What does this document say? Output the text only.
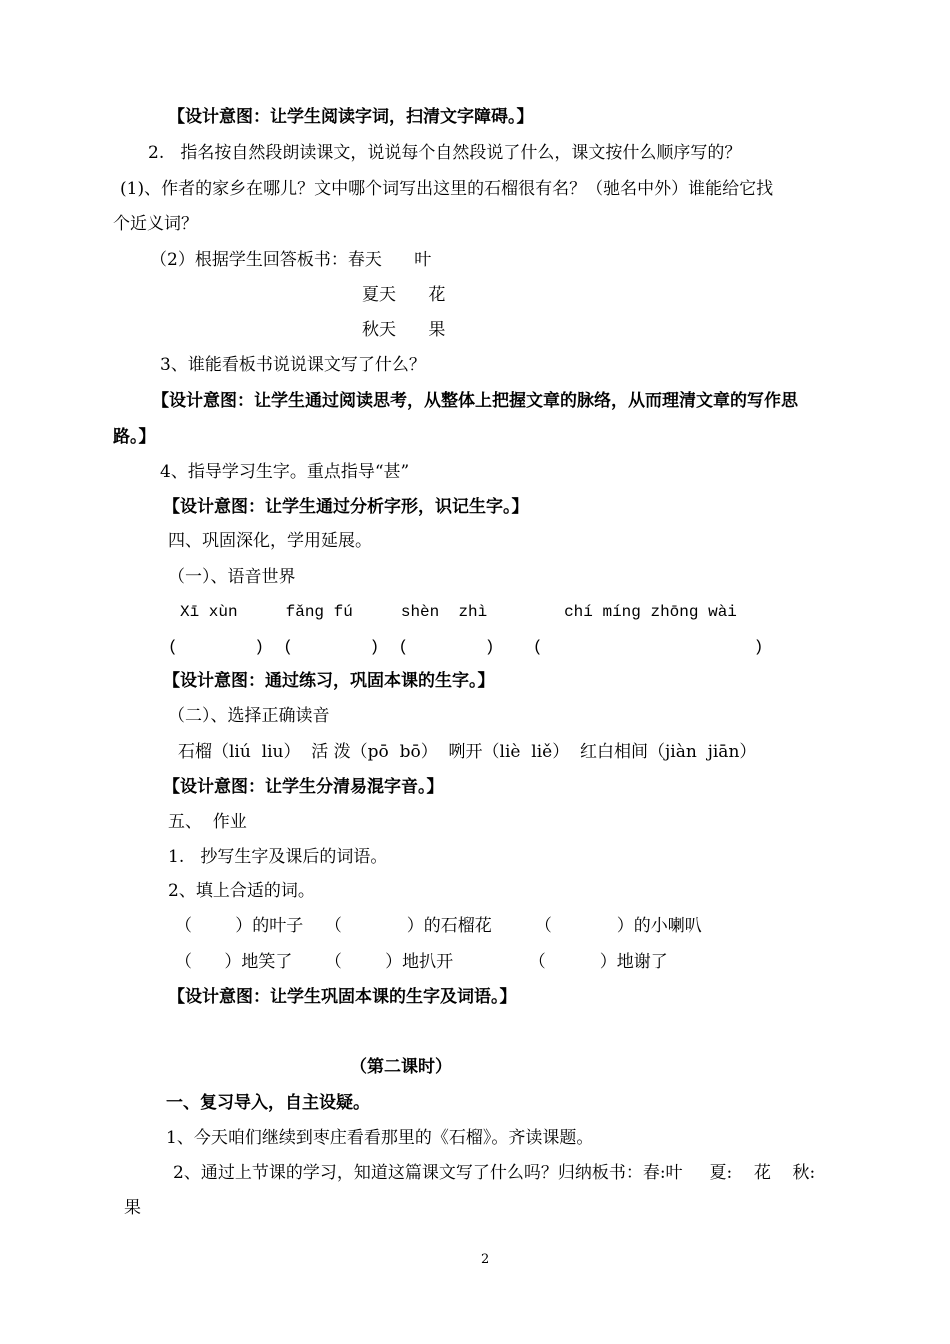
【设计意图：让学生阅读字词，扫清文字障碍。】
2.   指名按自然段朗读课文，说说每个自然段说了什么，课文按什么顺序写的？
(1)、作者的家乡在哪儿？文中哪个词写出这里的石榴很有名？（驰名中外）谁能给它找
个近义词？
（2）根据学生回答板书：春天      叶
夏天      花
秋天      果
3、谁能看板书说说课文写了什么？
【设计意图：让学生通过阅读思考，从整体上把握文章的脉络，从而理清文章的写作思
路。】
4、指导学习生字。重点指导“甚”
【设计意图：让学生通过分析字形，识记生字。】
四、巩固深化，学用延展。
（一）、语音世界
Xī xùn     fǎng fú     shèn  zhì        chí míng zhōng wài
(        )  (        )  (        )    (                      )
【设计意图：通过练习，巩固本课的生字。】
（二）、选择正确读音
石榴（liú  liu）  活 泼（pō  bō）  咧开（liè  liě）  红白相间（jiàn  jiān）
【设计意图：让学生分清易混字音。】
五、  作业
1.   抄写生字及课后的词语。
2、填上合适的词。
（        ）的叶子    （            ）的石榴花        （            ）的小喇叭
（      ）地笑了      （        ）地扒开              （          ）地谢了
【设计意图：让学生巩固本课的生字及词语。】
（第二课时）
一、复习导入，自主设疑。
1、今天咱们继续到枣庄看看那里的《石榴》。齐读课题。
2、通过上节课的学习，知道这篇课文写了什么吗？归纳板书：春:叶     夏:    花    秋:
果
2
